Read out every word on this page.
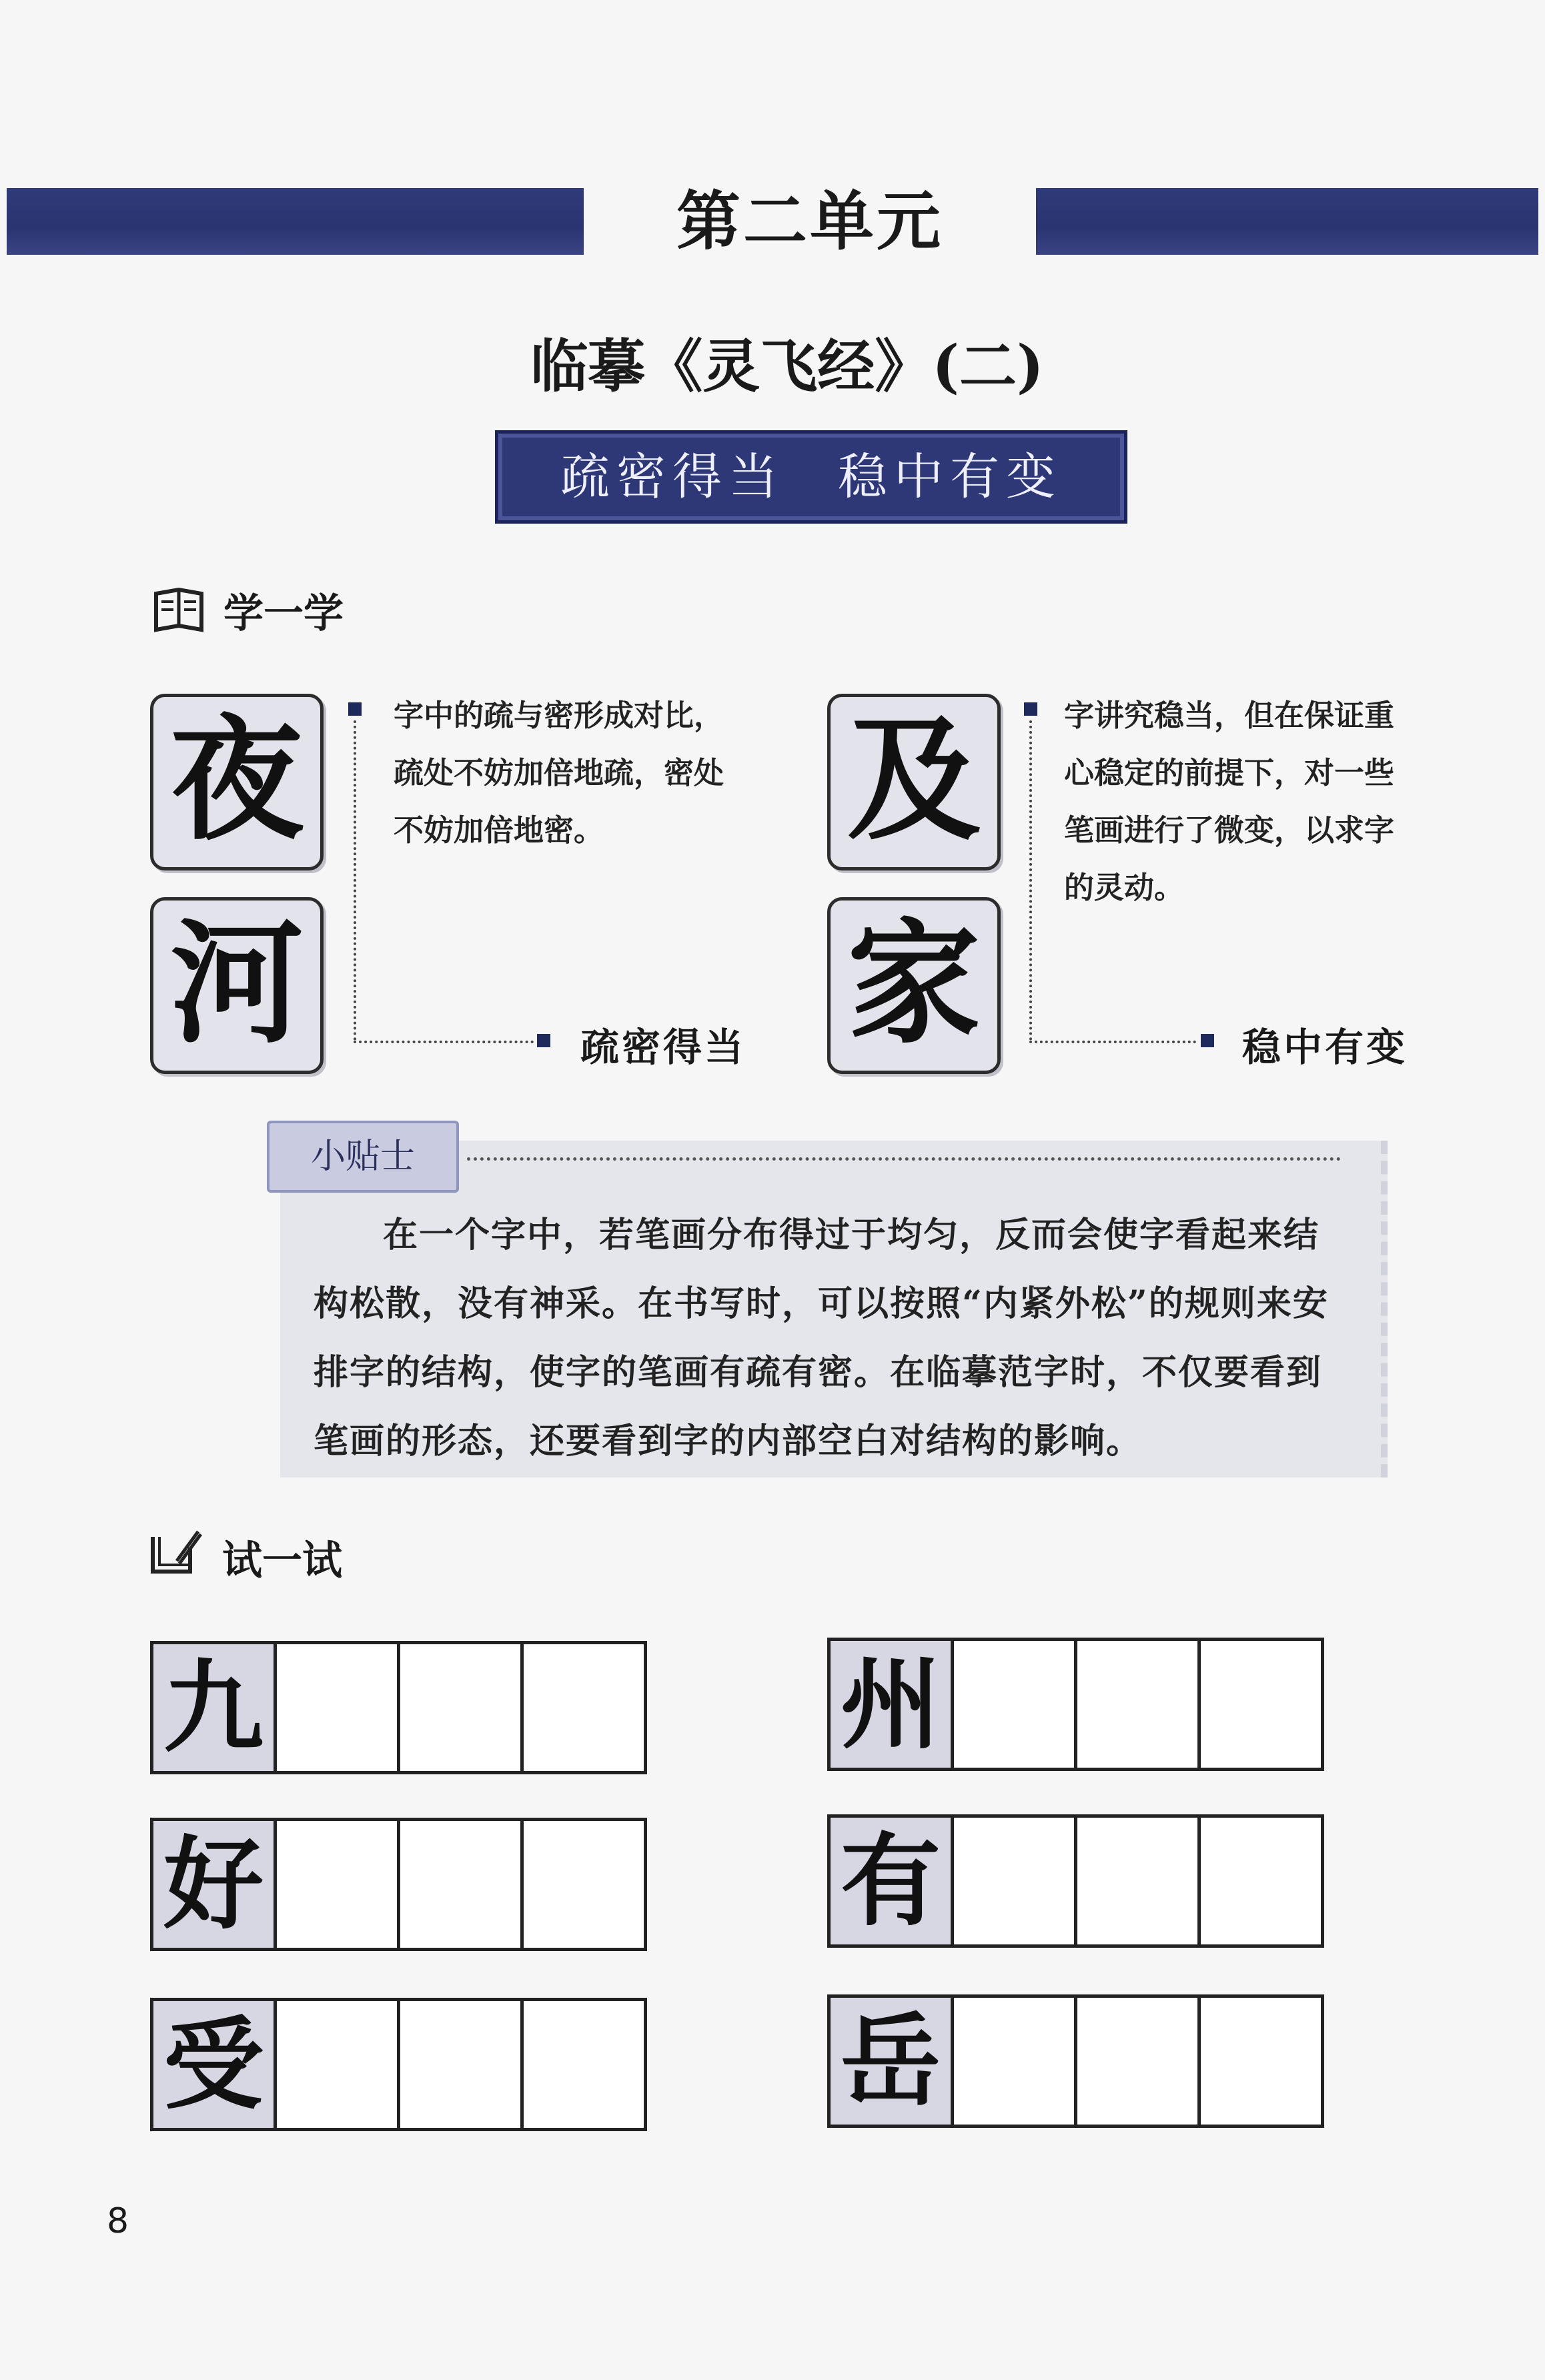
第二单元
临摹《灵飞经》(二)
疏密得当 稳中有变
学一学
夜
河
字中的疏与密形成对比，
疏处不妨加倍地疏，密处
不妨加倍地密。
疏密得当
及
家
字讲究稳当，但在保证重
心稳定的前提下，对一些
笔画进行了微变，以求字
的灵动。
稳中有变
小贴士
在一个字中，若笔画分布得过于均匀，反而会使字看起来结构松散，没有神采。在书写时，可以按照“内紧外松”的规则来安排字的结构，使字的笔画有疏有密。在临摹范字时，不仅要看到笔画的形态，还要看到字的内部空白对结构的影响。
试一试
九
好
受
州
有
岳
8
